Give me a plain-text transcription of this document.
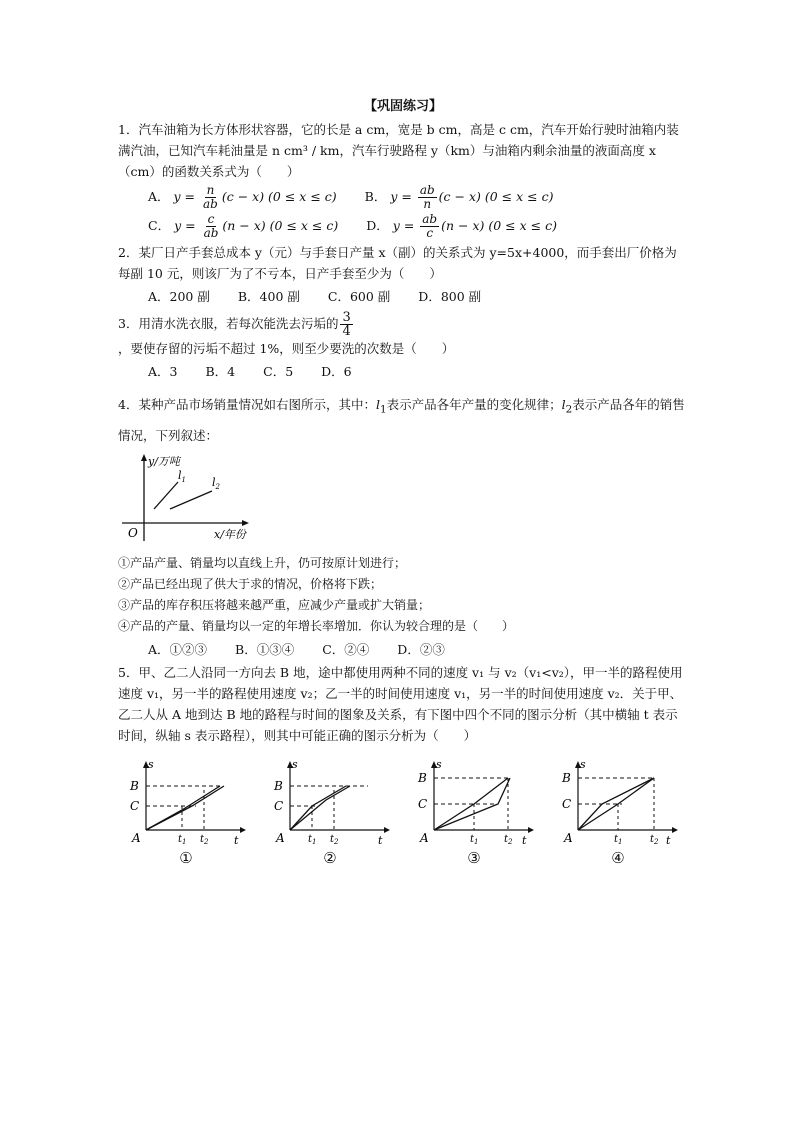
【巩固练习】

1．汽车油箱为长方体形状容器，它的长是 a cm，宽是 b cm，高是 c cm，汽车开始行驶时油箱内装满汽油，已知汽车耗油量是 n cm³ / km，汽车行驶路程 y（km）与油箱内剩余油量的液面高度 x（cm）的函数关系式为（　　）

A． $y = \frac{n}{ab} (c - x) (0 \le x \le c)$ B． $y = \frac{ab}{n} (c - x) (0 \le x \le c)$
C． $y = \frac{c}{ab} (n - x) (0 \le x \le c)$ D． $y = \frac{ab}{c} (n - x) (0 \le x \le c)$

2．某厂日产手套总成本 y（元）与手套日产量 x（副）的关系式为 y=5x+4000，而手套出厂价格为每副 10 元，则该厂为了不亏本，日产手套至少为（　　）

A．200 副 B．400 副 C．600 副 D．800 副

3．用清水洗衣服，若每次能洗去污垢的 $\frac{3}{4}$
，要使存留的污垢不超过 1%，则至少要洗的次数是（　　）

A．3 B．4 C．5 D．6

4．某种产品市场销量情况如右图所示，其中：$l_1$表示产品各年产量的变化规律；$l_2$表示产品各年的销售情况，下列叙述：

y/万吨
x/年份
O
$l_1$ $l_2$

①产品产量、销量均以直线上升，仍可按原计划进行；

②产品已经出现了供大于求的情况，价格将下跌；

③产品的库存积压将越来越严重，应减少产量或扩大销量；

④产品的产量、销量均以一定的年增长率增加．你认为较合理的是（　　）

A．①②③ B．①③④ C．②④ D．②③

5．甲、乙二人沿同一方向去 B 地，途中都使用两种不同的速度 v₁ 与 v₂（v₁<v₂），甲一半的路程使用速度 v₁，另一半的路程使用速度 v₂；乙一半的时间使用速度 v₁，另一半的时间使用速度 v₂．关于甲、乙二人从 A 地到达 B 地的路程与时间的图象及关系，有下图中四个不同的图示分析（其中横轴 t 表示时间，纵轴 s 表示路程），则其中可能正确的图示分析为（　　）

s
B
C
A	$t_1$ $t_2$ t
①
s
B
C
A $t_1$ $t_2$	t
②
s
B
C
A	$t_1$	$t_2$ t
③
s
B
C
A	$t_1$	$t_2$ t
④
